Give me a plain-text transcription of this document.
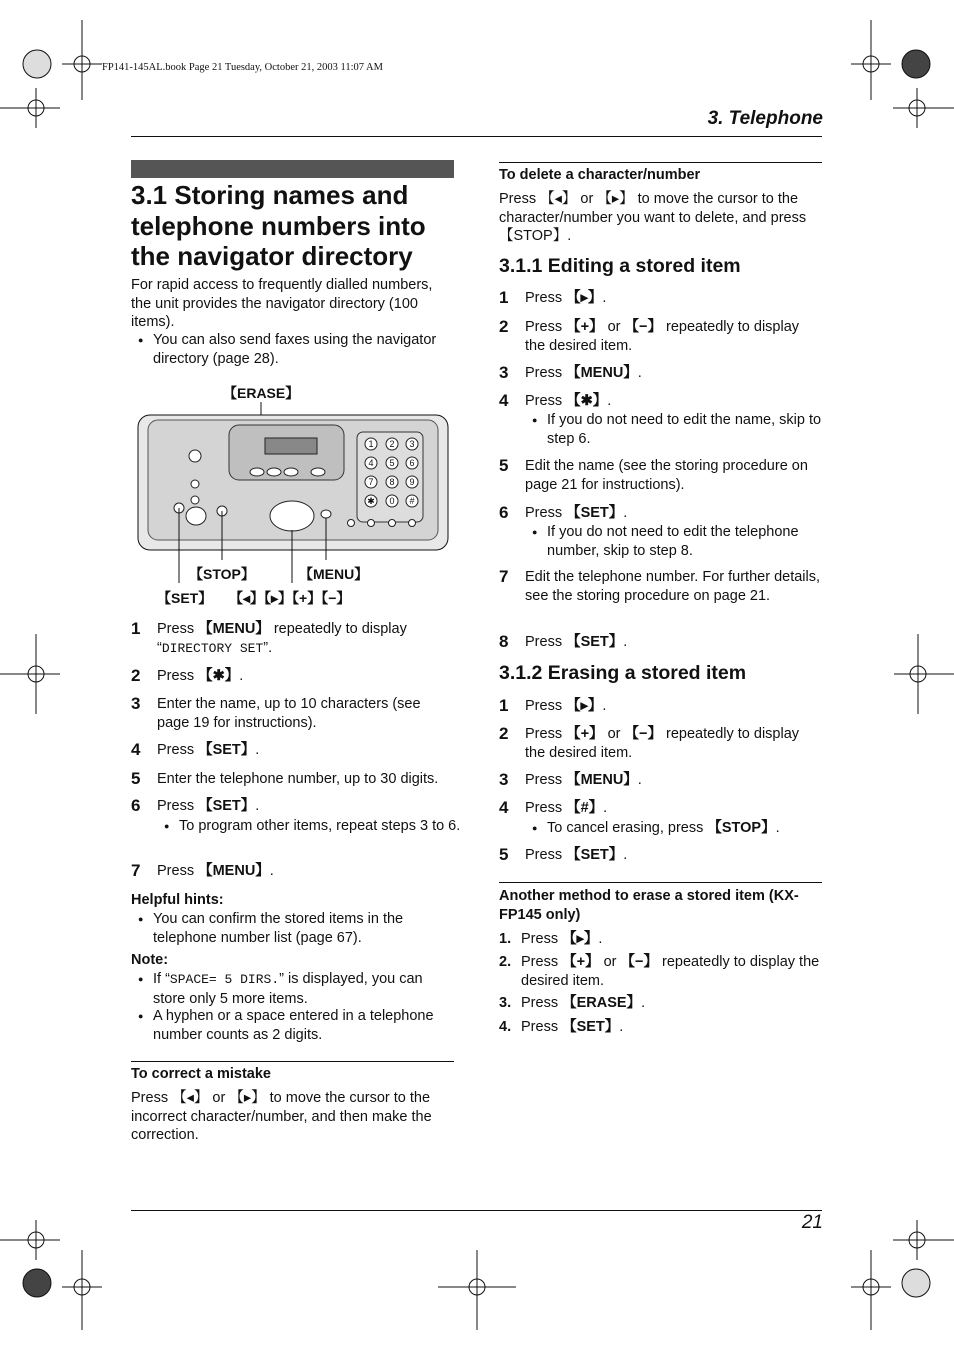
FP141-145AL.book Page 21 Tuesday, October 21, 2003 11:07 AM
3. Telephone
3.1 Storing names and telephone numbers into the navigator directory

For rapid access to frequently dialled numbers, the unit provides the navigator directory (100 items).

● You can also send faxes using the navigator directory (page 28).

1 2 3
4 5 6
7 8 9
✱ 0 #
【ERASE】
【STOP】	【MENU】
【SET】 【◂】【▸】【+】【−】
1	Press 【MENU】 repeatedly to display “DIRECTORY SET”.
2	Press 【✱】.
3	Enter the name, up to 10 characters (see page 19 for instructions).
4	Press 【SET】.
5	Enter the telephone number, up to 30 digits.
6	Press 【SET】.

● To program other items, repeat steps 3 to 6.

7	Press 【MENU】.

Helpful hints:

● You can confirm the stored items in the telephone number list (page 67).

Note:

● If “SPACE= 5 DIRS.” is displayed, you can store only 5 more items.

● A hyphen or a space entered in a telephone number counts as 2 digits.

To correct a mistake

Press 【◂】 or 【▸】 to move the cursor to the incorrect character/number, and then make the correction.

To delete a character/number

Press 【◂】 or 【▸】 to move the cursor to the character/number you want to delete, and press 【STOP】.

3.1.1 Editing a stored item
1	Press 【▸】.
2	Press 【+】 or 【−】 repeatedly to display the desired item.
3	Press 【MENU】.
4	Press 【✱】.

● If you do not need to edit the name, skip to step 6.

5	Edit the name (see the storing procedure on page 21 for instructions).
6	Press 【SET】.

● If you do not need to edit the telephone number, skip to step 8.

7	Edit the telephone number. For further details, see the storing procedure on page 21.
8	Press 【SET】.
3.1.2 Erasing a stored item
1	Press 【▸】.
2	Press 【+】 or 【−】 repeatedly to display the desired item.
3	Press 【MENU】.
4	Press 【#】.

● To cancel erasing, press 【STOP】.

5	Press 【SET】.

Another method to erase a stored item (KX-FP145 only)

1. Press 【▸】.
2. Press 【+】 or 【−】 repeatedly to display the desired item.
3. Press 【ERASE】.
4. Press 【SET】.
21
